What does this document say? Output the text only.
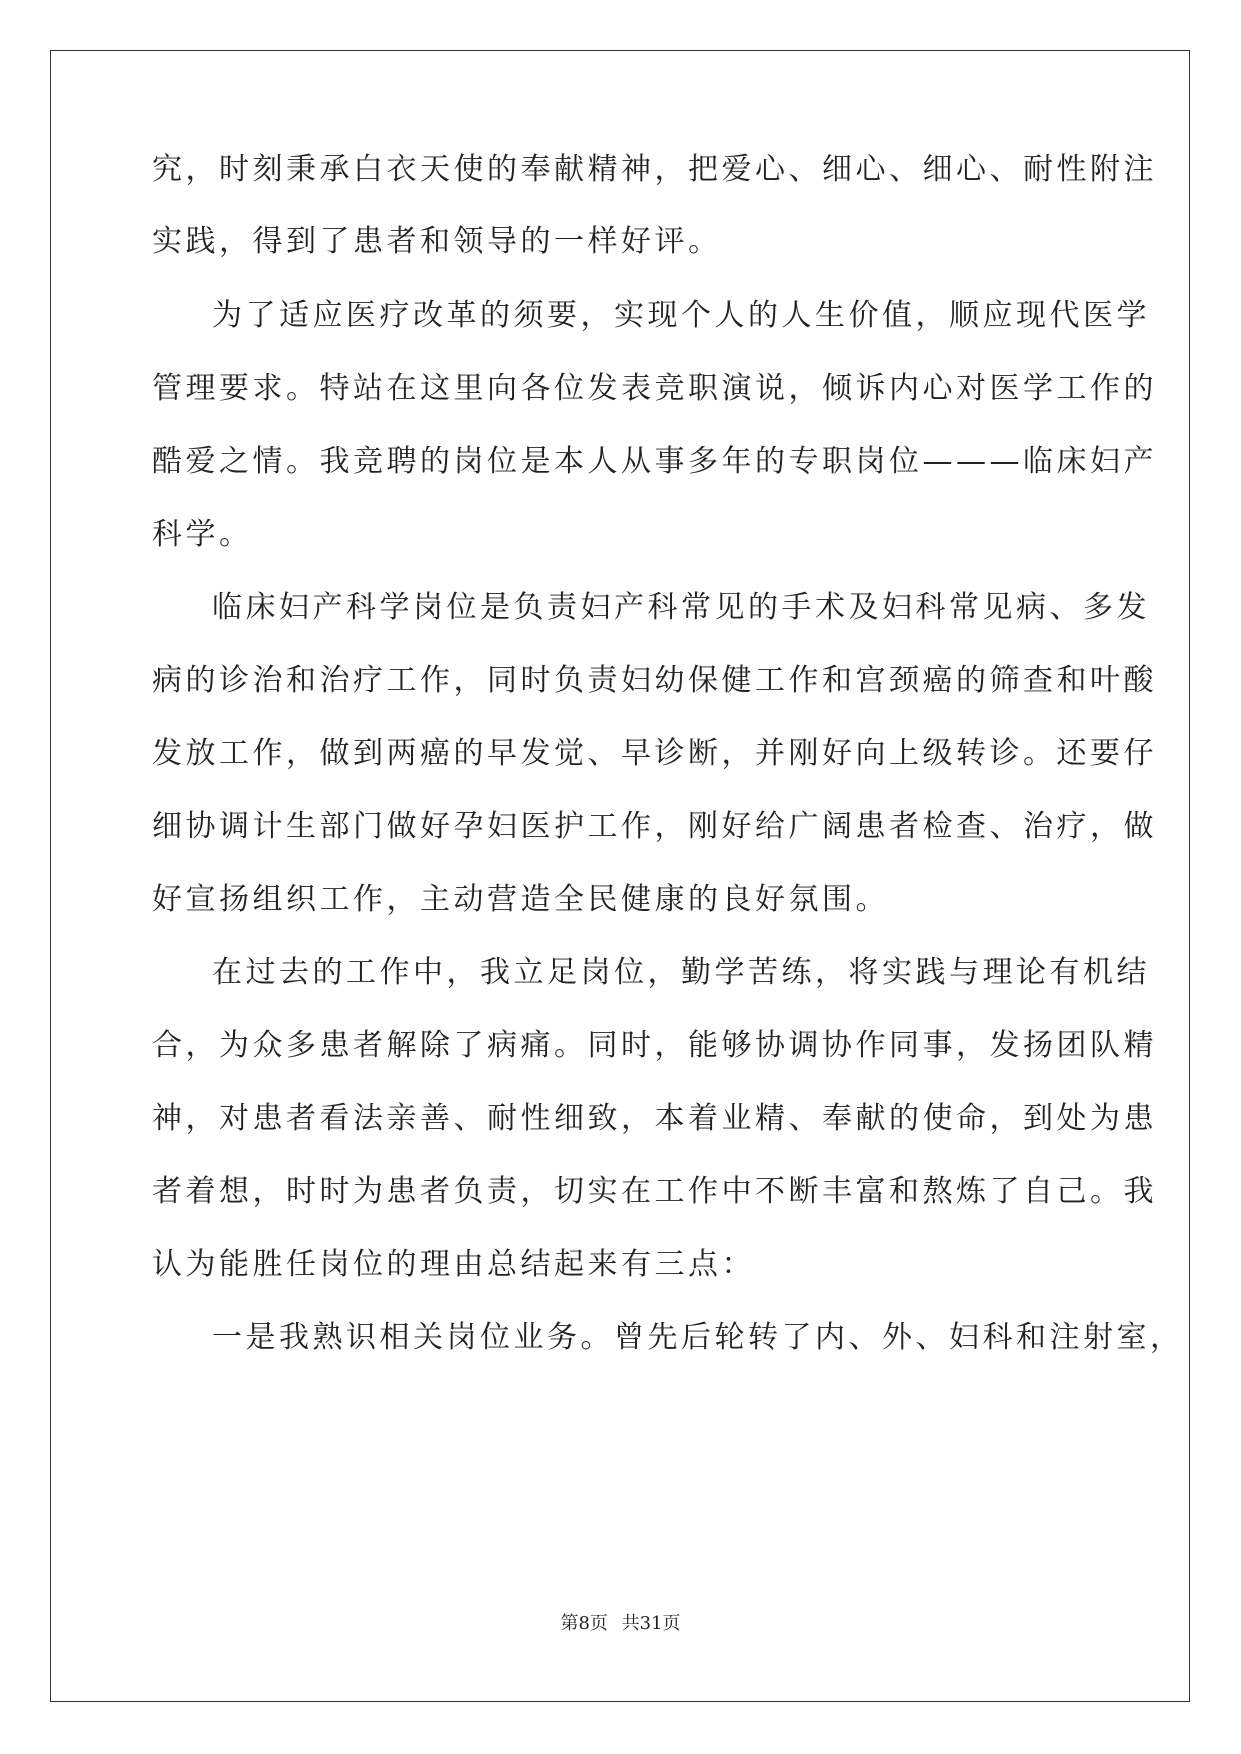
究，时刻秉承白衣天使的奉献精神，把爱心、细心、细心、耐性附注
实践，得到了患者和领导的一样好评。
为了适应医疗改革的须要，实现个人的人生价值，顺应现代医学
管理要求。特站在这里向各位发表竞职演说，倾诉内心对医学工作的
酷爱之情。我竞聘的岗位是本人从事多年的专职岗位———临床妇产
科学。
临床妇产科学岗位是负责妇产科常见的手术及妇科常见病、多发
病的诊治和治疗工作，同时负责妇幼保健工作和宫颈癌的筛查和叶酸
发放工作，做到两癌的早发觉、早诊断，并刚好向上级转诊。还要仔
细协调计生部门做好孕妇医护工作，刚好给广阔患者检查、治疗，做
好宣扬组织工作，主动营造全民健康的良好氛围。
在过去的工作中，我立足岗位，勤学苦练，将实践与理论有机结
合，为众多患者解除了病痛。同时，能够协调协作同事，发扬团队精
神，对患者看法亲善、耐性细致，本着业精、奉献的使命，到处为患
者着想，时时为患者负责，切实在工作中不断丰富和熬炼了自己。我
认为能胜任岗位的理由总结起来有三点：
一是我熟识相关岗位业务。曾先后轮转了内、外、妇科和注射室，
第8页 共31页
